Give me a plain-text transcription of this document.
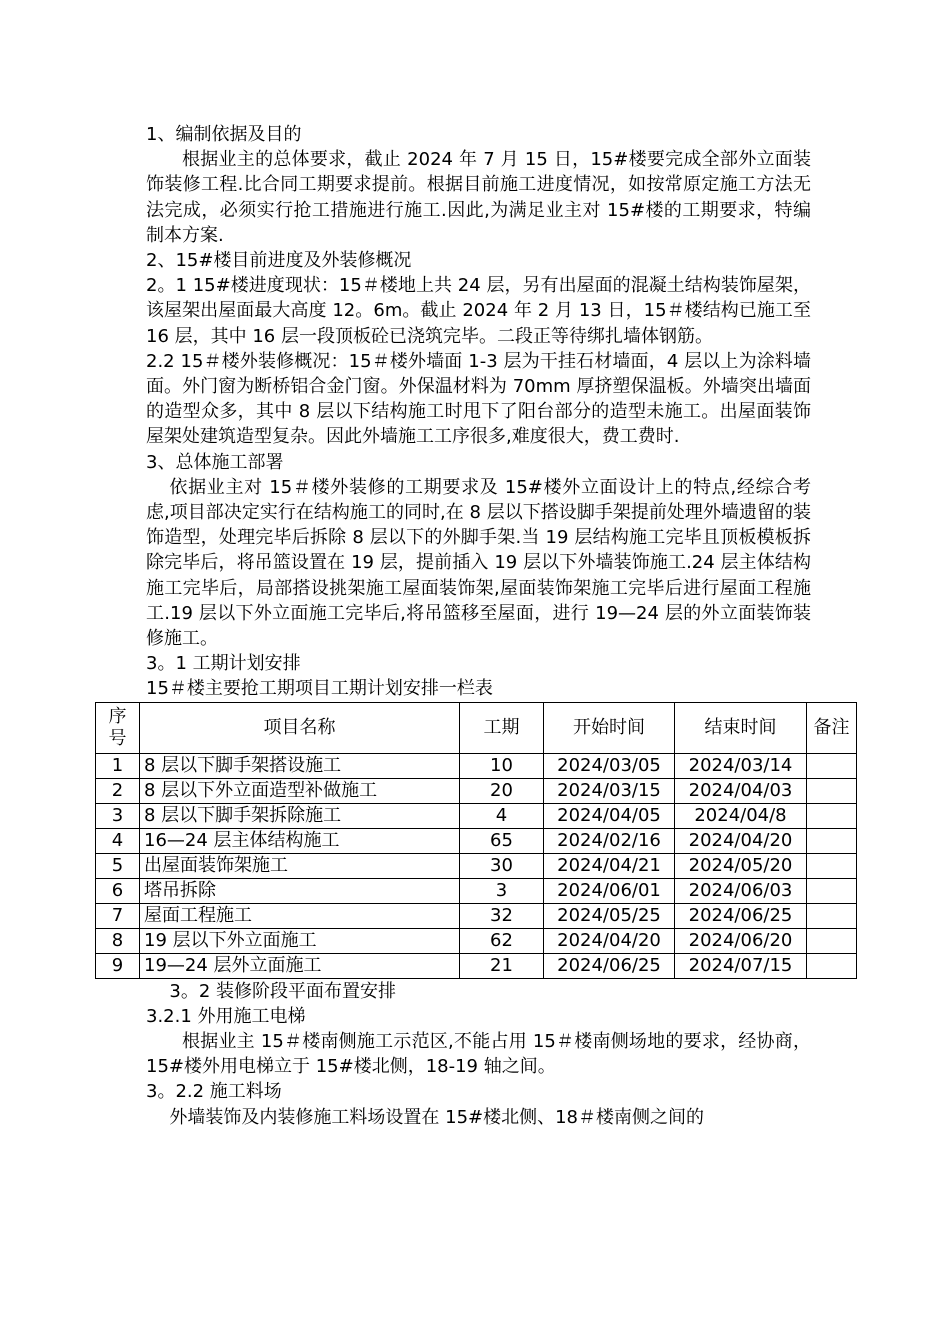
1、编制依据及目的

根据业主的总体要求，截止 2024 年 7 月 15 日，15#楼要完成全部外立面装饰装修工程.比合同工期要求提前。根据目前施工进度情况，如按常原定施工方法无法完成，必须实行抢工措施进行施工.因此,为满足业主对 15#楼的工期要求，特编制本方案.

2、15#楼目前进度及外装修概况

2。1 15#楼进度现状：15＃楼地上共 24 层，另有出屋面的混凝土结构装饰屋架，该屋架出屋面最大高度 12。6m。截止 2024 年 2 月 13 日，15＃楼结构已施工至 16 层，其中 16 层一段顶板砼已浇筑完毕。二段正等待绑扎墙体钢筋。

2.2 15＃楼外装修概况：15＃楼外墙面 1-3 层为干挂石材墙面，4 层以上为涂料墙面。外门窗为断桥铝合金门窗。外保温材料为 70mm 厚挤塑保温板。外墙突出墙面的造型众多，其中 8 层以下结构施工时甩下了阳台部分的造型未施工。出屋面装饰屋架处建筑造型复杂。因此外墙施工工序很多,难度很大，费工费时.

3、总体施工部署

依据业主对 15＃楼外装修的工期要求及 15#楼外立面设计上的特点,经综合考虑,项目部决定实行在结构施工的同时,在 8 层以下搭设脚手架提前处理外墙遗留的装饰造型，处理完毕后拆除 8 层以下的外脚手架.当 19 层结构施工完毕且顶板模板拆除完毕后，将吊篮设置在 19 层，提前插入 19 层以下外墙装饰施工.24 层主体结构施工完毕后，局部搭设挑架施工屋面装饰架,屋面装饰架施工完毕后进行屋面工程施工.19 层以下外立面施工完毕后,将吊篮移至屋面，进行 19—24 层的外立面装饰装修施工。

3。1 工期计划安排

15＃楼主要抢工期项目工期计划安排一栏表

序号	项目名称	工期	开始时间	结束时间	备注
1	8 层以下脚手架搭设施工	10	2024/03/05	2024/03/14	
2	8 层以下外立面造型补做施工	20	2024/03/15	2024/04/03	
3	8 层以下脚手架拆除施工	4	2024/04/05	2024/04/8	
4	16—24 层主体结构施工	65	2024/02/16	2024/04/20	
5	出屋面装饰架施工	30	2024/04/21	2024/05/20	
6	塔吊拆除	3	2024/06/01	2024/06/03	
7	屋面工程施工	32	2024/05/25	2024/06/25	
8	19 层以下外立面施工	62	2024/04/20	2024/06/20	
9	19—24 层外立面施工	21	2024/06/25	2024/07/15	

3。2 装修阶段平面布置安排

3.2.1 外用施工电梯

根据业主 15＃楼南侧施工示范区,不能占用 15＃楼南侧场地的要求，经协商，15#楼外用电梯立于 15#楼北侧，18-19 轴之间。

3。2.2 施工料场

外墙装饰及内装修施工料场设置在 15#楼北侧、18＃楼南侧之间的
